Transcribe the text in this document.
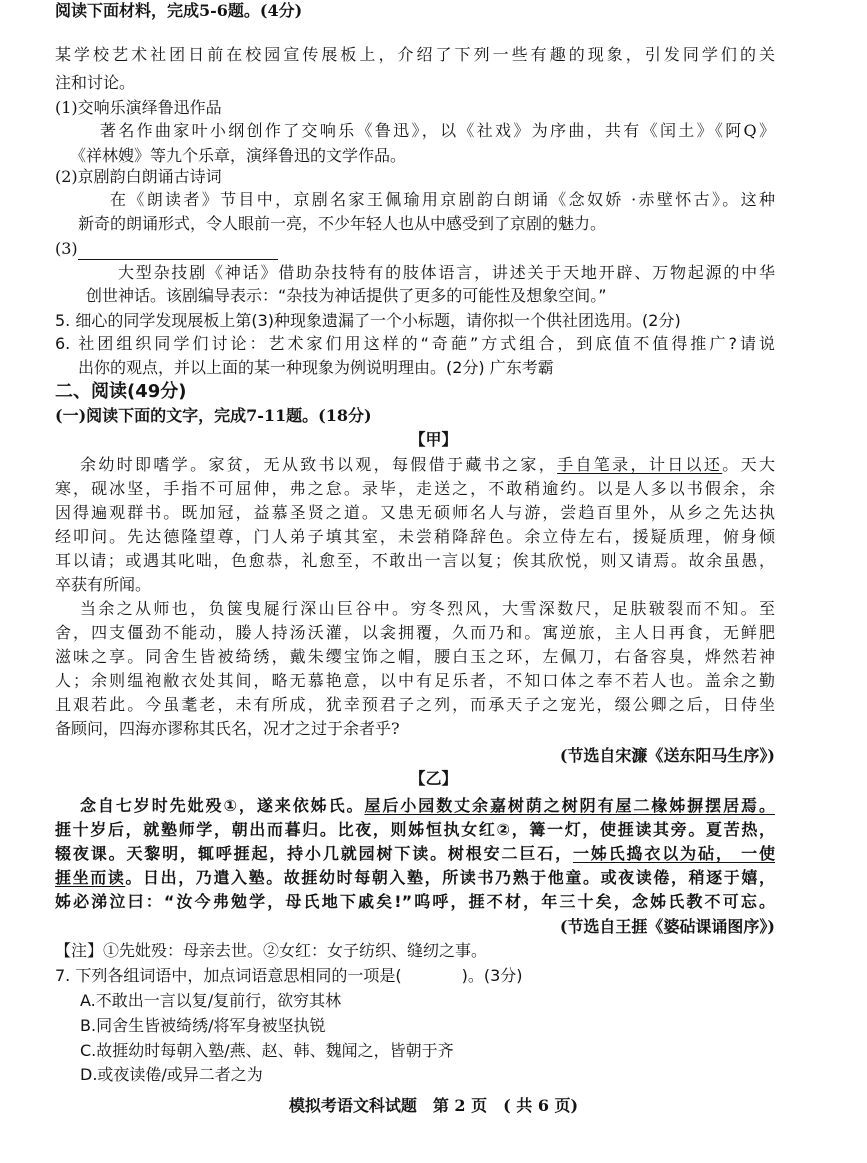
阅读下面材料，完成5-6题。(4分)
某学校艺术社团日前在校园宣传展板上，介绍了下列一些有趣的现象，引发同学们的关
注和讨论。
(1)交响乐演绎鲁迅作品
著名作曲家叶小纲创作了交响乐《鲁迅》，以《社戏》为序曲，共有《闰土》《阿Q》
《祥林嫂》等九个乐章，演绎鲁迅的文学作品。
(2)京剧韵白朗诵古诗词
在《朗读者》节目中，京剧名家王佩瑜用京剧韵白朗诵《念奴娇 ·赤壁怀古》。这种
新奇的朗诵形式，令人眼前一亮，不少年轻人也从中感受到了京剧的魅力。
(3)
大型杂技剧《神话》借助杂技特有的肢体语言，讲述关于天地开辟、万物起源的中华
创世神话。该剧编导表示：“杂技为神话提供了更多的可能性及想象空间。”
5. 细心的同学发现展板上第(3)种现象遗漏了一个小标题，请你拟一个供社团选用。(2分)
6. 社团组织同学们讨论：艺术家们用这样的“奇葩”方式组合，到底值不值得推广?请说
出你的观点，并以上面的某一种现象为例说明理由。(2分) 广东考霸
二、阅读(49分)
(一)阅读下面的文字，完成7-11题。(18分)
【甲】
余幼时即嗜学。家贫，无从致书以观，每假借于藏书之家，手自笔录，计日以还。天大
寒，砚冰坚，手指不可屈伸，弗之怠。录毕，走送之，不敢稍逾约。以是人多以书假余，余
因得遍观群书。既加冠，益慕圣贤之道。又患无硕师名人与游，尝趋百里外，从乡之先达执
经叩问。先达德隆望尊，门人弟子填其室，未尝稍降辞色。余立侍左右，援疑质理，俯身倾
耳以请；或遇其叱咄，色愈恭，礼愈至，不敢出一言以复；俟其欣悦，则又请焉。故余虽愚，
卒获有所闻。
当余之从师也，负箧曳屣行深山巨谷中。穷冬烈风，大雪深数尺，足肤皲裂而不知。至
舍，四支僵劲不能动，媵人持汤沃灌，以衾拥覆，久而乃和。寓逆旅，主人日再食，无鲜肥
滋味之享。同舍生皆被绮绣，戴朱缨宝饰之帽，腰白玉之环，左佩刀，右备容臭，烨然若神
人；余则缊袍敝衣处其间，略无慕艳意，以中有足乐者，不知口体之奉不若人也。盖余之勤
且艰若此。今虽耄老，未有所成，犹幸预君子之列，而承天子之宠光，缀公卿之后，日侍坐
备顾问，四海亦谬称其氏名，况才之过于余者乎?
(节选自宋濂《送东阳马生序》)
【乙】
念自七岁时先妣殁①，遂来依姊氏。屋后小园数丈余嘉树荫之树阴有屋二椽姊摒摆居焉。
捱十岁后，就塾师学，朝出而暮归。比夜，则姊恒执女红②，篝一灯，使捱读其旁。夏苦热，
辍夜课。天黎明，辄呼捱起，持小几就园树下读。树根安二巨石，一姊氏捣衣以为砧， 一使
捱坐而读。日出，乃遣入塾。故捱幼时每朝入塾，所读书乃熟于他童。或夜读倦，稍逐于嬉，
姊必涕泣曰：“汝今弗勉学，母氏地下戚矣!”呜呼，捱不材，年三十矣，念姊氏教不可忘。
(节选自王捱《婆砧课诵图序》)
【注】①先妣殁：母亲去世。②女红：女子纺织、缝纫之事。
7. 下列各组词语中，加点词语意思相同的一项是(	)。(3分)
A.不敢出一言以复/复前行，欲穷其林
B.同舍生皆被绮绣/将军身被坚执锐
C.故捱幼时每朝入塾/燕、赵、韩、魏闻之，皆朝于齐
D.或夜读倦/或异二者之为
模拟考语文科试题　第 2 页　( 共 6 页)
